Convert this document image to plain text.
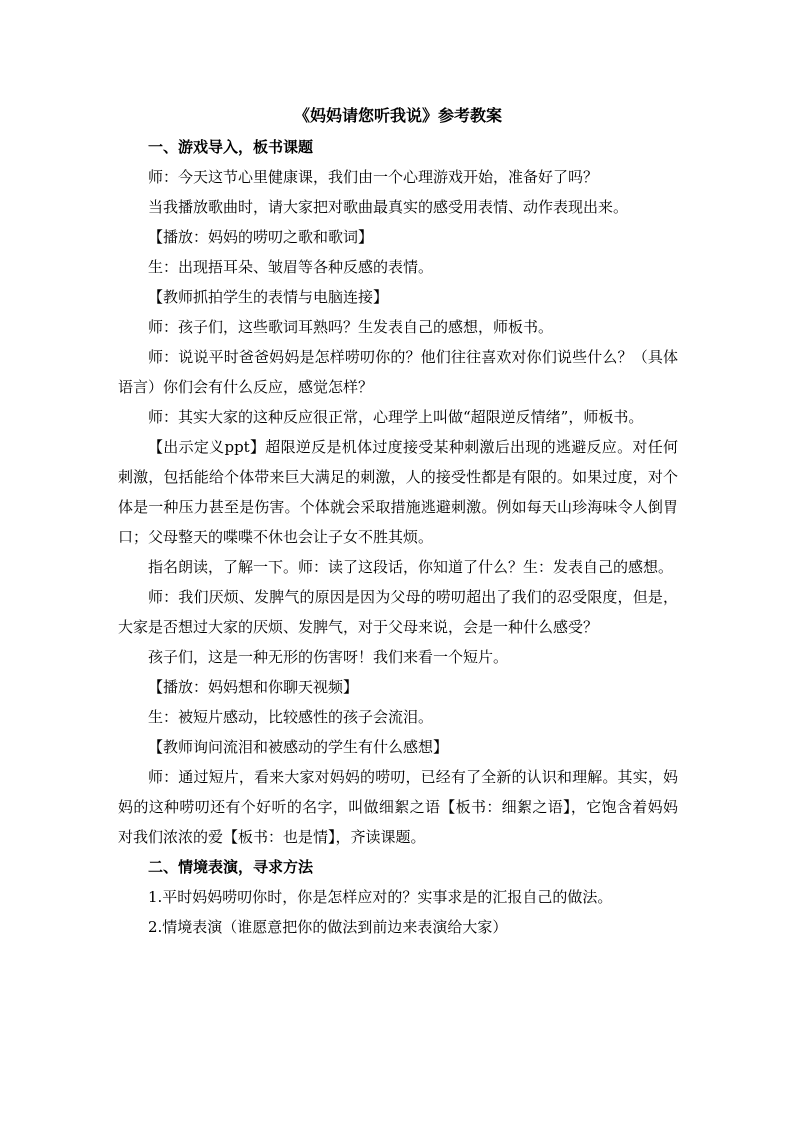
《妈妈请您听我说》参考教案

一、游戏导入，板书课题

师：今天这节心里健康课，我们由一个心理游戏开始，准备好了吗？

当我播放歌曲时，请大家把对歌曲最真实的感受用表情、动作表现出来。

【播放：妈妈的唠叨之歌和歌词】

生：出现捂耳朵、皱眉等各种反感的表情。

【教师抓拍学生的表情与电脑连接】

师：孩子们，这些歌词耳熟吗？生发表自己的感想，师板书。

师：说说平时爸爸妈妈是怎样唠叨你的？他们往往喜欢对你们说些什么？（具体语言）你们会有什么反应，感觉怎样？

师：其实大家的这种反应很正常，心理学上叫做“超限逆反情绪”，师板书。

【出示定义ppt】超限逆反是机体过度接受某种刺激后出现的逃避反应。对任何刺激，包括能给个体带来巨大满足的刺激，人的接受性都是有限的。如果过度，对个体是一种压力甚至是伤害。个体就会采取措施逃避刺激。例如每天山珍海味令人倒胃口；父母整天的喋喋不休也会让子女不胜其烦。

指名朗读，了解一下。师：读了这段话，你知道了什么？生：发表自己的感想。

师：我们厌烦、发脾气的原因是因为父母的唠叨超出了我们的忍受限度，但是，大家是否想过大家的厌烦、发脾气，对于父母来说，会是一种什么感受？

孩子们，这是一种无形的伤害呀！我们来看一个短片。

【播放：妈妈想和你聊天视频】

生：被短片感动，比较感性的孩子会流泪。

【教师询问流泪和被感动的学生有什么感想】

师：通过短片，看来大家对妈妈的唠叨，已经有了全新的认识和理解。其实，妈妈的这种唠叨还有个好听的名字，叫做细絮之语【板书：细絮之语】，它饱含着妈妈对我们浓浓的爱【板书：也是情】，齐读课题。

二、情境表演，寻求方法

1.平时妈妈唠叨你时，你是怎样应对的？实事求是的汇报自己的做法。

2.情境表演（谁愿意把你的做法到前边来表演给大家）
